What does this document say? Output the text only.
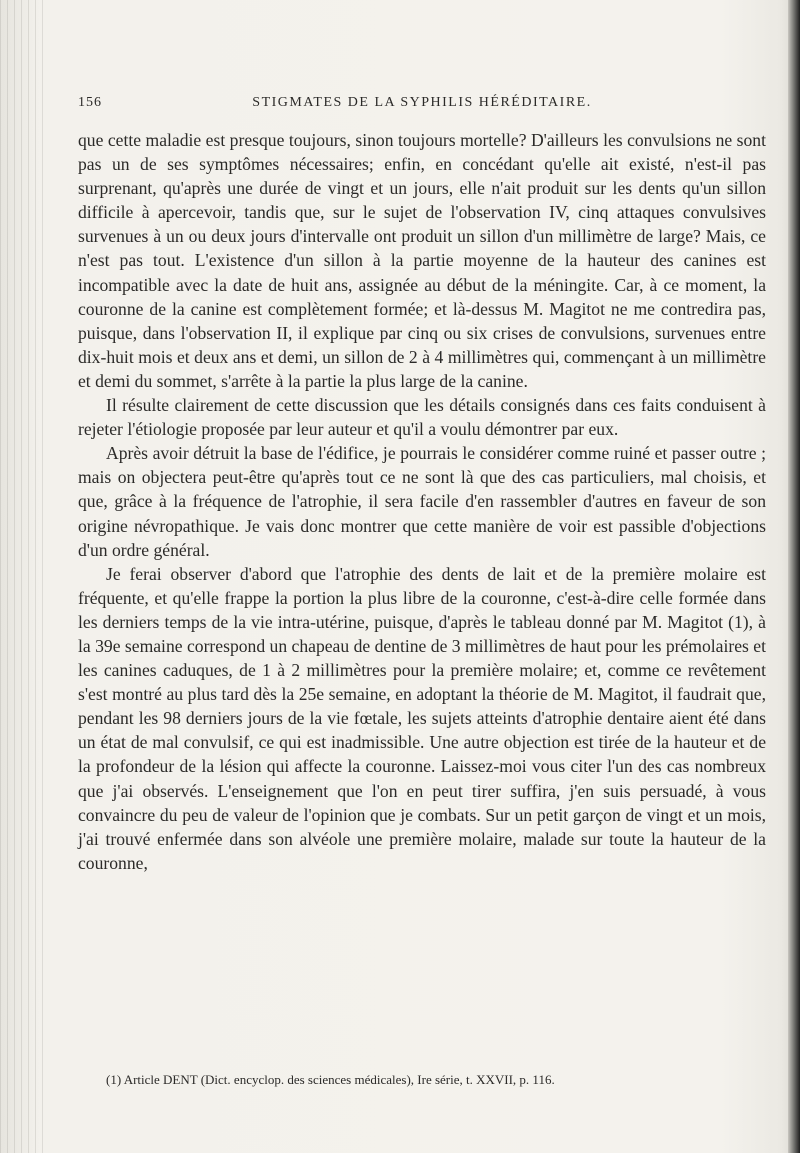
156	STIGMATES DE LA SYPHILIS HÉRÉDITAIRE.

que cette maladie est presque toujours, sinon toujours mortelle? D'ailleurs les convulsions ne sont pas un de ses symptômes nécessaires; enfin, en concédant qu'elle ait existé, n'est-il pas surprenant, qu'après une durée de vingt et un jours, elle n'ait produit sur les dents qu'un sillon difficile à apercevoir, tandis que, sur le sujet de l'observation IV, cinq attaques convulsives survenues à un ou deux jours d'intervalle ont produit un sillon d'un millimètre de large? Mais, ce n'est pas tout. L'existence d'un sillon à la partie moyenne de la hauteur des canines est incompatible avec la date de huit ans, assignée au début de la méningite. Car, à ce moment, la couronne de la canine est complètement formée; et là-dessus M. Magitot ne me contredira pas, puisque, dans l'observation II, il explique par cinq ou six crises de convulsions, survenues entre dix-huit mois et deux ans et demi, un sillon de 2 à 4 millimètres qui, commençant à un millimètre et demi du sommet, s'arrête à la partie la plus large de la canine.

Il résulte clairement de cette discussion que les détails consignés dans ces faits conduisent à rejeter l'étiologie proposée par leur auteur et qu'il a voulu démontrer par eux.

Après avoir détruit la base de l'édifice, je pourrais le considérer comme ruiné et passer outre ; mais on objectera peut-être qu'après tout ce ne sont là que des cas particuliers, mal choisis, et que, grâce à la fréquence de l'atrophie, il sera facile d'en rassembler d'autres en faveur de son origine névropathique. Je vais donc montrer que cette manière de voir est passible d'objections d'un ordre général.

Je ferai observer d'abord que l'atrophie des dents de lait et de la première molaire est fréquente, et qu'elle frappe la portion la plus libre de la couronne, c'est-à-dire celle formée dans les derniers temps de la vie intra-utérine, puisque, d'après le tableau donné par M. Magitot (1), à la 39e semaine correspond un chapeau de dentine de 3 millimètres de haut pour les prémolaires et les canines caduques, de 1 à 2 millimètres pour la première molaire; et, comme ce revêtement s'est montré au plus tard dès la 25e semaine, en adoptant la théorie de M. Magitot, il faudrait que, pendant les 98 derniers jours de la vie fœtale, les sujets atteints d'atrophie dentaire aient été dans un état de mal convulsif, ce qui est inadmissible. Une autre objection est tirée de la hauteur et de la profondeur de la lésion qui affecte la couronne. Laissez-moi vous citer l'un des cas nombreux que j'ai observés. L'enseignement que l'on en peut tirer suffira, j'en suis persuadé, à vous convaincre du peu de valeur de l'opinion que je combats. Sur un petit garçon de vingt et un mois, j'ai trouvé enfermée dans son alvéole une première molaire, malade sur toute la hauteur de la couronne,

(1) Article DENT (Dict. encyclop. des sciences médicales), Ire série, t. XXVII, p. 116.
